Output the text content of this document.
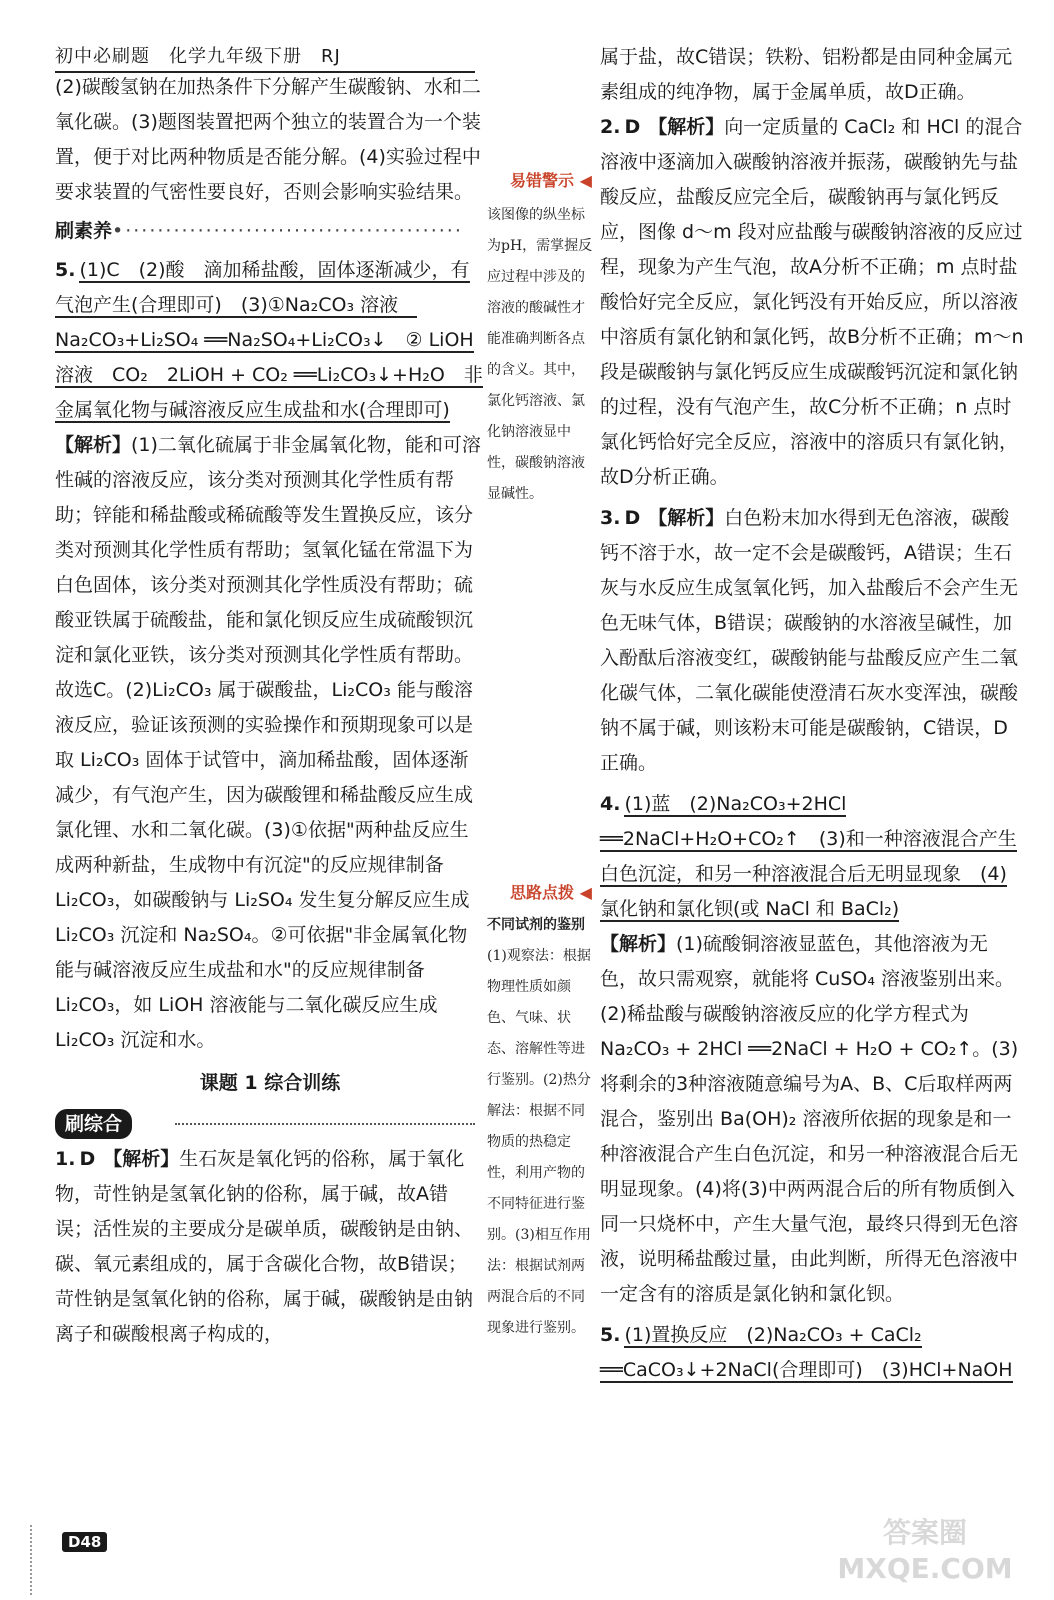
初中必刷题　化学九年级下册　RJ

(2)碳酸氢钠在加热条件下分解产生碳酸钠、水和二氧化碳。(3)题图装置把两个独立的装置合为一个装置，便于对比两种物质是否能分解。(4)实验过程中要求装置的气密性要良好，否则会影响实验结果。

刷素养•··········································

5. (1)C　(2)酸　滴加稀盐酸，固体逐渐减少，有气泡产生(合理即可)　(3)①Na₂CO₃ 溶液　Na₂CO₃+Li₂SO₄ ══Na₂SO₄+Li₂CO₃↓　② LiOH 溶液　CO₂　2LiOH + CO₂ ══Li₂CO₃↓+H₂O　非金属氧化物与碱溶液反应生成盐和水(合理即可)

【解析】(1)二氧化硫属于非金属氧化物，能和可溶性碱的溶液反应，该分类对预测其化学性质有帮助；锌能和稀盐酸或稀硫酸等发生置换反应，该分类对预测其化学性质有帮助；氢氧化锰在常温下为白色固体，该分类对预测其化学性质没有帮助；硫酸亚铁属于硫酸盐，能和氯化钡反应生成硫酸钡沉淀和氯化亚铁，该分类对预测其化学性质有帮助。故选C。(2)Li₂CO₃ 属于碳酸盐，Li₂CO₃ 能与酸溶液反应，验证该预测的实验操作和预期现象可以是取 Li₂CO₃ 固体于试管中，滴加稀盐酸，固体逐渐减少，有气泡产生，因为碳酸锂和稀盐酸反应生成氯化锂、水和二氧化碳。(3)①依据"两种盐反应生成两种新盐，生成物中有沉淀"的反应规律制备 Li₂CO₃，如碳酸钠与 Li₂SO₄ 发生复分解反应生成 Li₂CO₃ 沉淀和 Na₂SO₄。②可依据"非金属氧化物能与碱溶液反应生成盐和水"的反应规律制备 Li₂CO₃，如 LiOH 溶液能与二氧化碳反应生成 Li₂CO₃ 沉淀和水。

课题 1 综合训练
刷综合

1. D 【解析】生石灰是氧化钙的俗称，属于氧化物，苛性钠是氢氧化钠的俗称，属于碱，故A错误；活性炭的主要成分是碳单质，碳酸钠是由钠、碳、氧元素组成的，属于含碳化合物，故B错误；苛性钠是氢氧化钠的俗称，属于碱，碳酸钠是由钠离子和碳酸根离子构成的，

易错警示 ◀

该图像的纵坐标为pH，需掌握反应过程中涉及的溶液的酸碱性才能准确判断各点的含义。其中，氯化钙溶液、氯化钠溶液显中性，碳酸钠溶液显碱性。

思路点拨 ◀

不同试剂的鉴别

(1)观察法：根据物理性质如颜色、气味、状态、溶解性等进行鉴别。(2)热分解法：根据不同物质的热稳定性，利用产物的不同特征进行鉴别。(3)相互作用法：根据试剂两两混合后的不同现象进行鉴别。

属于盐，故C错误；铁粉、铝粉都是由同种金属元素组成的纯净物，属于金属单质，故D正确。

2. D 【解析】向一定质量的 CaCl₂ 和 HCl 的混合溶液中逐滴加入碳酸钠溶液并振荡，碳酸钠先与盐酸反应，盐酸反应完全后，碳酸钠再与氯化钙反应，图像 d～m 段对应盐酸与碳酸钠溶液的反应过程，现象为产生气泡，故A分析不正确；m 点时盐酸恰好完全反应，氯化钙没有开始反应，所以溶液中溶质有氯化钠和氯化钙，故B分析不正确；m～n 段是碳酸钠与氯化钙反应生成碳酸钙沉淀和氯化钠的过程，没有气泡产生，故C分析不正确；n 点时氯化钙恰好完全反应，溶液中的溶质只有氯化钠，故D分析正确。

3. D 【解析】白色粉末加水得到无色溶液，碳酸钙不溶于水，故一定不会是碳酸钙，A错误；生石灰与水反应生成氢氧化钙，加入盐酸后不会产生无色无味气体，B错误；碳酸钠的水溶液呈碱性，加入酚酞后溶液变红，碳酸钠能与盐酸反应产生二氧化碳气体，二氧化碳能使澄清石灰水变浑浊，碳酸钠不属于碱，则该粉末可能是碳酸钠，C错误，D正确。

4. (1)蓝　(2)Na₂CO₃+2HCl ══2NaCl+H₂O+CO₂↑　(3)和一种溶液混合产生白色沉淀，和另一种溶液混合后无明显现象　(4)氯化钠和氯化钡(或 NaCl 和 BaCl₂)

【解析】(1)硫酸铜溶液显蓝色，其他溶液为无色，故只需观察，就能将 CuSO₄ 溶液鉴别出来。(2)稀盐酸与碳酸钠溶液反应的化学方程式为 Na₂CO₃ + 2HCl ══2NaCl + H₂O + CO₂↑。(3)将剩余的3种溶液随意编号为A、B、C后取样两两混合，鉴别出 Ba(OH)₂ 溶液所依据的现象是和一种溶液混合产生白色沉淀，和另一种溶液混合后无明显现象。(4)将(3)中两两混合后的所有物质倒入同一只烧杯中，产生大量气泡，最终只得到无色溶液，说明稀盐酸过量，由此判断，所得无色溶液中一定含有的溶质是氯化钠和氯化钡。

5. (1)置换反应　(2)Na₂CO₃ + CaCl₂ ══CaCO₃↓+2NaCl(合理即可)　(3)HCl+NaOH

D48	答案圈
MXQE.COM
